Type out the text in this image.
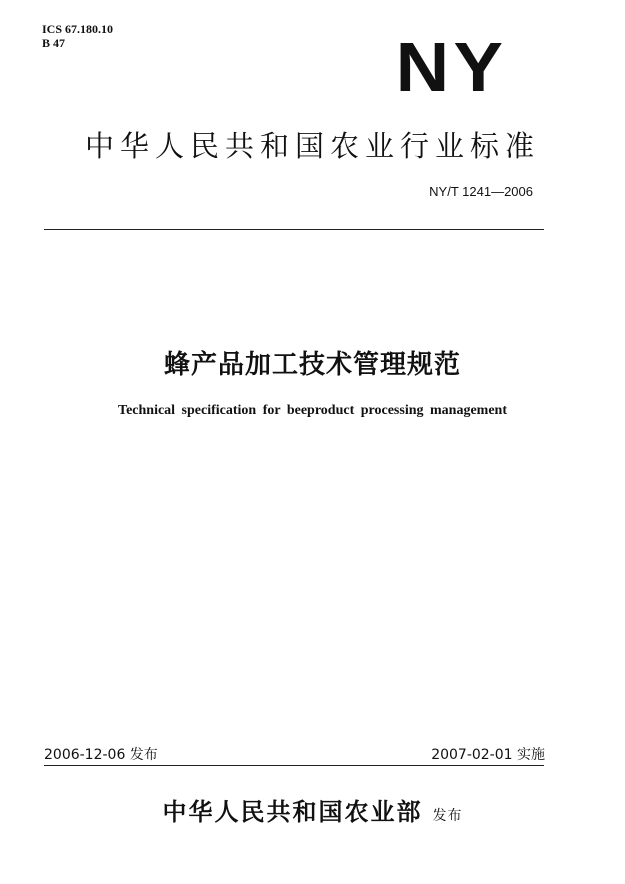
ICS 67.180.10
B 47	NY
中华人民共和国农业行业标准
NY/T 1241—2006
蜂产品加工技术管理规范
Technical specification for beeproduct processing management
2006-12-06 发布	2007-02-01 实施
中华人民共和国农业部 发布
